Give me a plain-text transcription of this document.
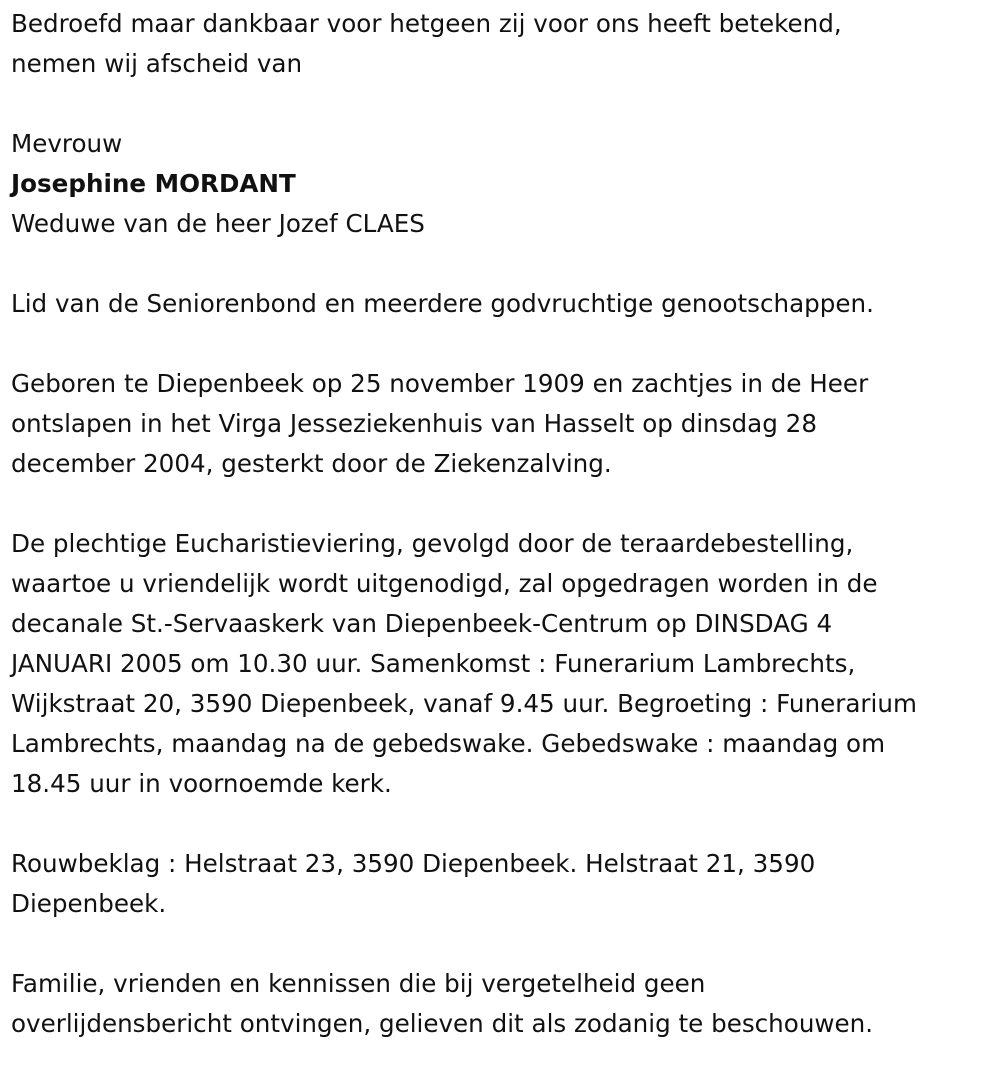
Bedroefd maar dankbaar voor hetgeen zij voor ons heeft betekend,

nemen wij afscheid van

Mevrouw

Josephine MORDANT

Weduwe van de heer Jozef CLAES

Lid van de Seniorenbond en meerdere godvruchtige genootschappen.

Geboren te Diepenbeek op 25 november 1909 en zachtjes in de Heer

ontslapen in het Virga Jesseziekenhuis van Hasselt op dinsdag 28

december 2004, gesterkt door de Ziekenzalving.

De plechtige Eucharistieviering, gevolgd door de teraardebestelling,

waartoe u vriendelijk wordt uitgenodigd, zal opgedragen worden in de

decanale St.-Servaaskerk van Diepenbeek-Centrum op DINSDAG 4

JANUARI 2005 om 10.30 uur. Samenkomst : Funerarium Lambrechts,

Wijkstraat 20, 3590 Diepenbeek, vanaf 9.45 uur. Begroeting : Funerarium

Lambrechts, maandag na de gebedswake. Gebedswake : maandag om

18.45 uur in voornoemde kerk.

Rouwbeklag : Helstraat 23, 3590 Diepenbeek. Helstraat 21, 3590

Diepenbeek.

Familie, vrienden en kennissen die bij vergetelheid geen

overlijdensbericht ontvingen, gelieven dit als zodanig te beschouwen.
